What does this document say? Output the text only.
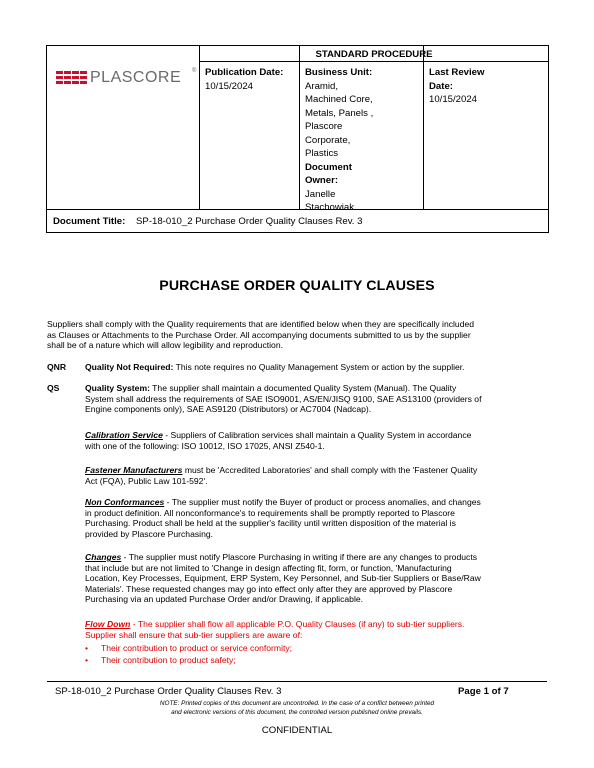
PLASCORE ®
STANDARD PROCEDURE
Publication Date:
10/15/2024
Business Unit:
Aramid,
Machined Core,
Metals, Panels ,
Plascore
Corporate,
Plastics
Document
Owner:
Janelle
Stachowiak
Last Review
Date:
10/15/2024
Document Title: SP-18-010_2 Purchase Order Quality Clauses Rev. 3
PURCHASE ORDER QUALITY CLAUSES
Suppliers shall comply with the Quality requirements that are identified below when they are specifically included
as Clauses or Attachments to the Purchase Order. All accompanying documents submitted to us by the supplier
shall be of a nature which will allow legibility and reproduction.
QNR Quality Not Required: This note requires no Quality Management System or action by the supplier.
QS	Quality System: The supplier shall maintain a documented Quality System (Manual). The Quality
System shall address the requirements of SAE ISO9001, AS/EN/JISQ 9100, SAE AS13100 (providers of
Engine components only), SAE AS9120 (Distributors) or AC7004 (Nadcap).
Calibration Service - Suppliers of Calibration services shall maintain a Quality System in accordance
with one of the following: ISO 10012, ISO 17025, ANSI Z540-1.
Fastener Manufacturers must be 'Accredited Laboratories' and shall comply with the 'Fastener Quality
Act (FQA), Public Law 101-592'.
Non Conformances - The supplier must notify the Buyer of product or process anomalies, and changes
in product definition. All nonconformance's to requirements shall be promptly reported to Plascore
Purchasing. Product shall be held at the supplier's facility until written disposition of the material is
provided by Plascore Purchasing.
Changes - The supplier must notify Plascore Purchasing in writing if there are any changes to products
that include but are not limited to 'Change in design affecting fit, form, or function, 'Manufacturing
Location, Key Processes, Equipment, ERP System, Key Personnel, and Sub-tier Suppliers or Base/Raw
Materials'. These requested changes may go into effect only after they are approved by Plascore
Purchasing via an updated Purchase Order and/or Drawing, if applicable.
Flow Down - The supplier shall flow all applicable P.O. Quality Clauses (if any) to sub-tier suppliers.
Supplier shall ensure that sub-tier suppliers are aware of:
• Their contribution to product or service conformity;
• Their contribution to product safety;
SP-18-010_2 Purchase Order Quality Clauses Rev. 3	Page 1 of 7
NOTE: Printed copies of this document are uncontrolled. In the case of a conflict between printed
and electronic versions of this document, the controlled version published online prevails.
CONFIDENTIAL
